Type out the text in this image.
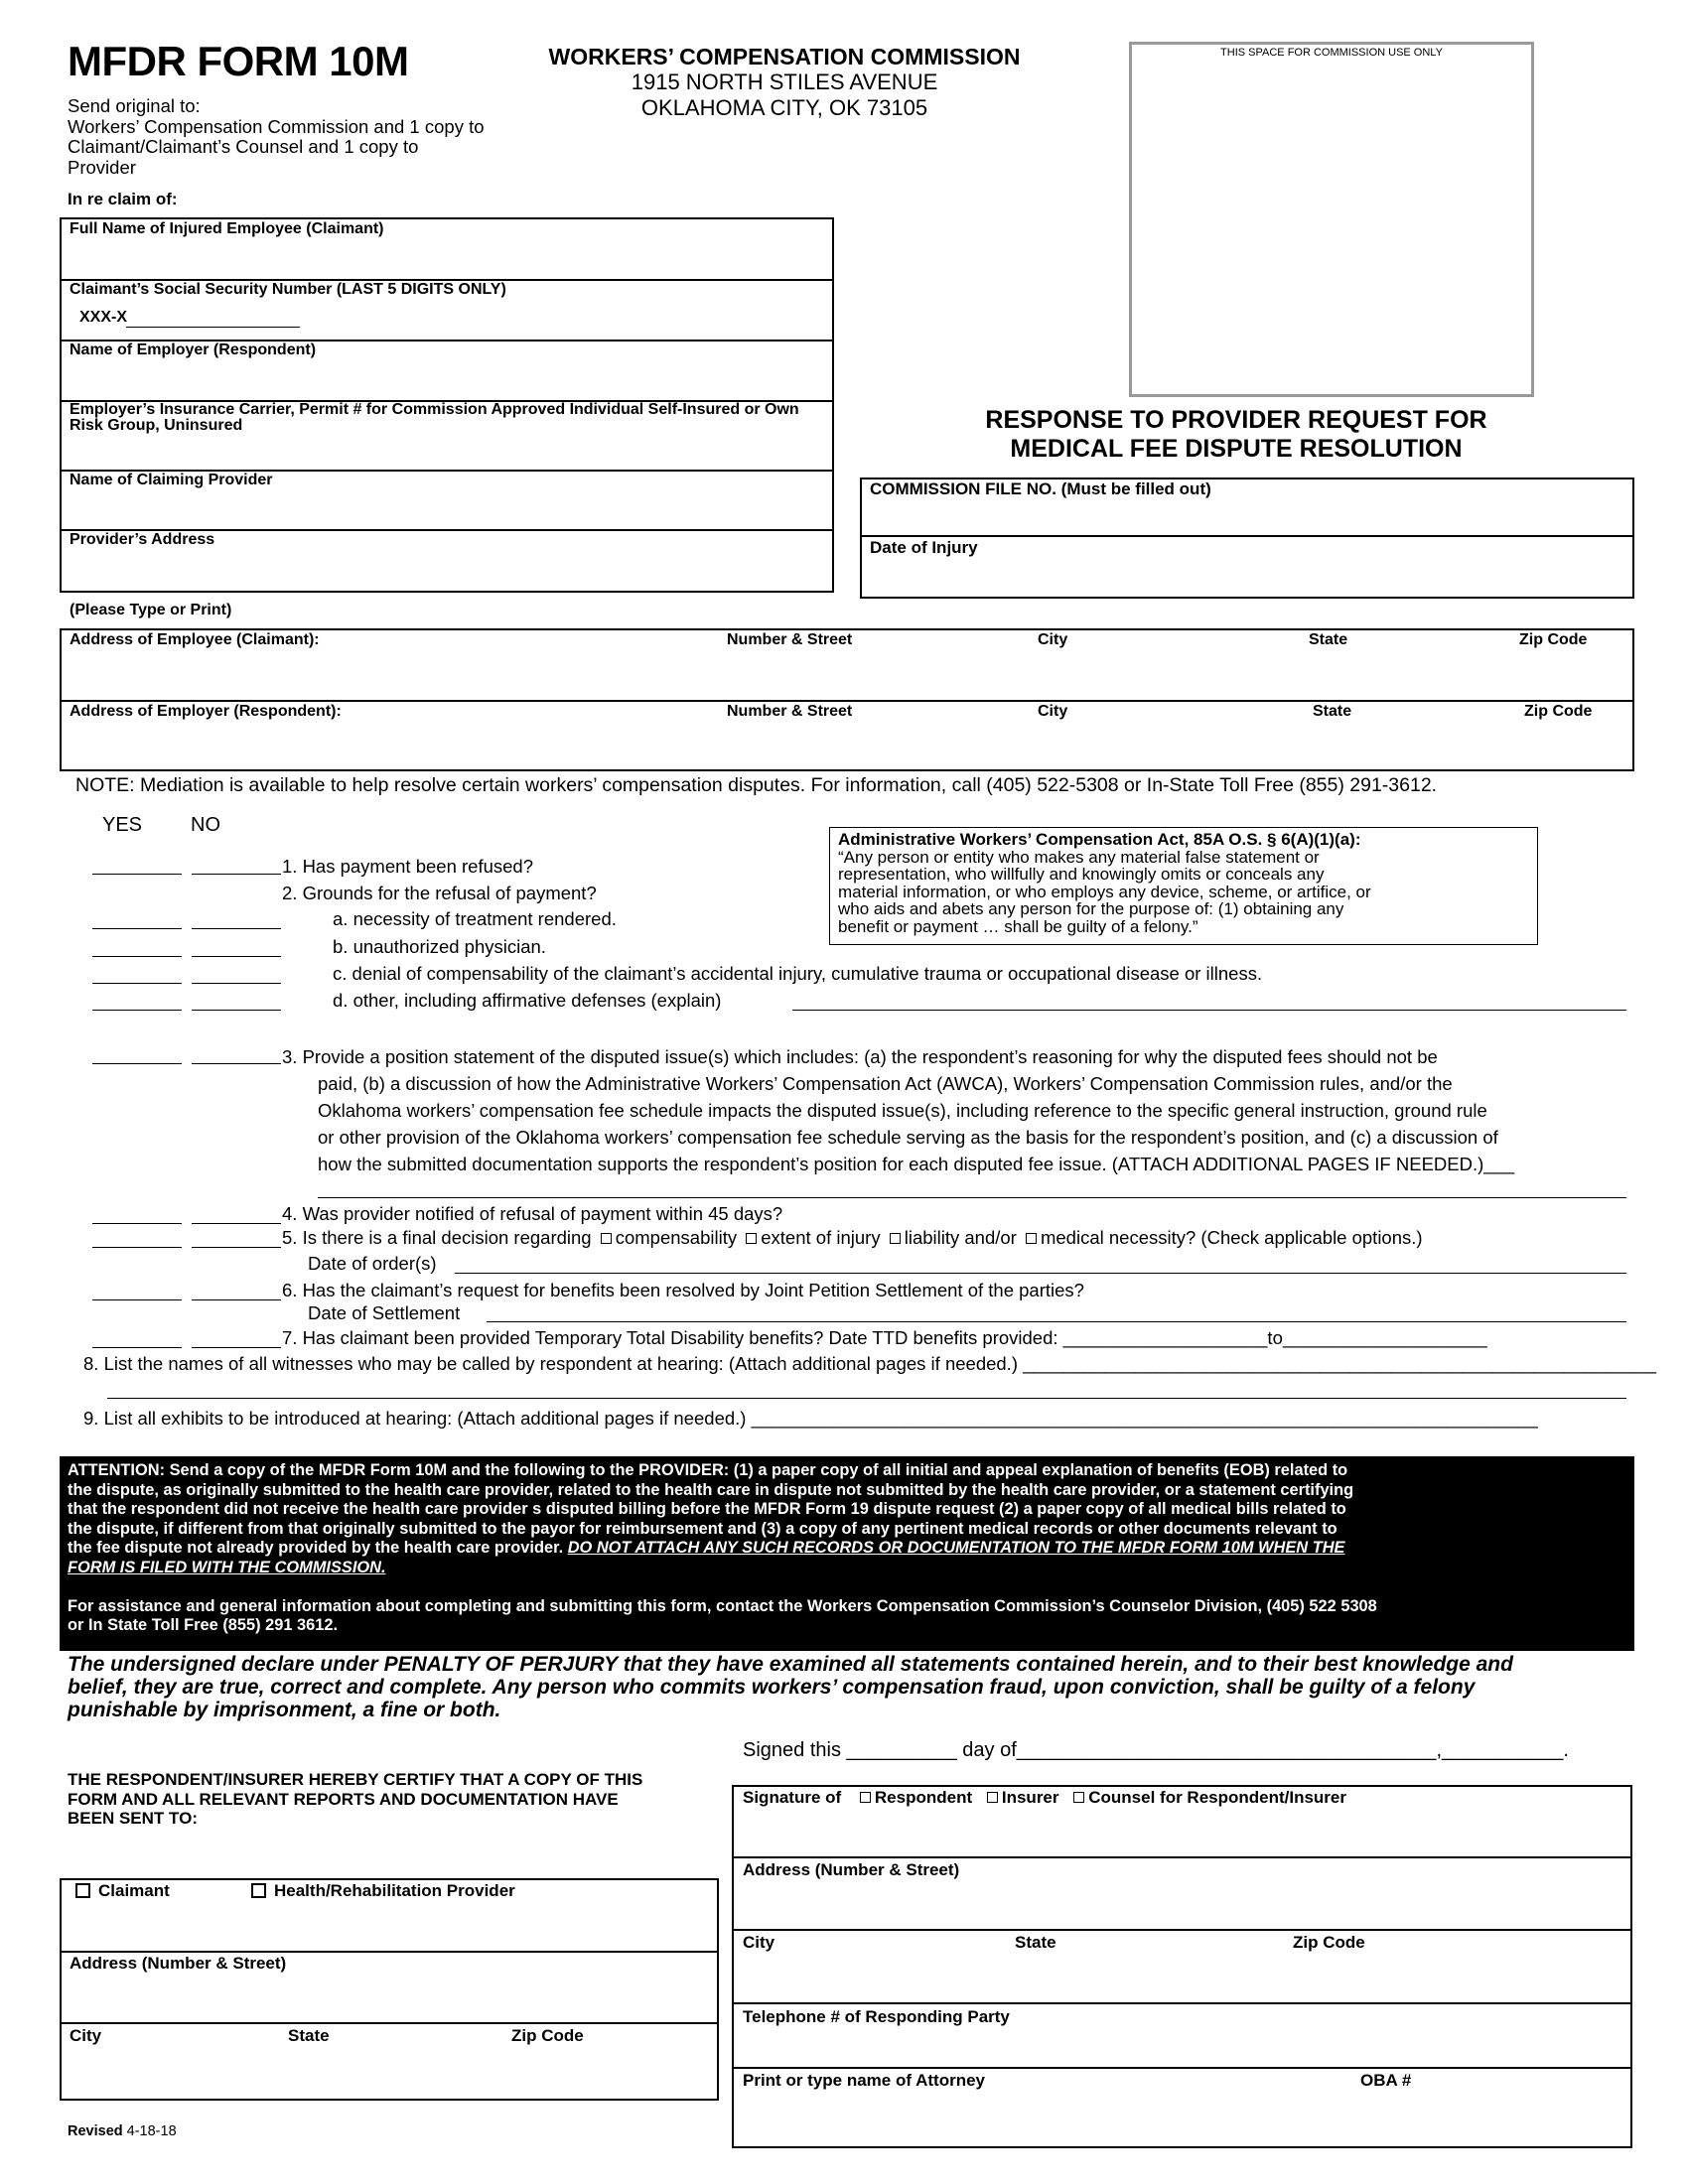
MFDR FORM 10M
Send original to:
Workers’ Compensation Commission and 1 copy to
Claimant/Claimant’s Counsel and 1 copy to
Provider
WORKERS’ COMPENSATION COMMISSION
1915 NORTH STILES AVENUE
OKLAHOMA CITY, OK 73105
THIS SPACE FOR COMMISSION USE ONLY
In re claim of:
Full Name of Injured Employee (Claimant)
Claimant’s Social Security Number (LAST 5 DIGITS ONLY)
XXX-X
Name of Employer (Respondent)
Employer’s Insurance Carrier, Permit # for Commission Approved Individual Self-Insured or Own
Risk Group, Uninsured
Name of Claiming Provider
Provider’s Address
RESPONSE TO PROVIDER REQUEST FOR
MEDICAL FEE DISPUTE RESOLUTION
COMMISSION FILE NO. (Must be filled out)
Date of Injury
(Please Type or Print)
Address of Employee (Claimant):	Number & Street	City	State	Zip Code
Address of Employer (Respondent):	Number & Street	City	State	Zip Code
NOTE: Mediation is available to help resolve certain workers’ compensation disputes. For information, call (405) 522-5308 or In-State Toll Free (855) 291-3612.
YES NO
Administrative Workers’ Compensation Act, 85A O.S. § 6(A)(1)(a):
“Any person or entity who makes any material false statement or
representation, who willfully and knowingly omits or conceals any
material information, or who employs any device, scheme, or artifice, or
who aids and abets any person for the purpose of: (1) obtaining any
benefit or payment … shall be guilty of a felony.”
1. Has payment been refused?
2. Grounds for the refusal of payment?
a. necessity of treatment rendered.
b. unauthorized physician.
c. denial of compensability of the claimant’s accidental injury, cumulative trauma or occupational disease or illness.
d. other, including affirmative defenses (explain)
3. Provide a position statement of the disputed issue(s) which includes: (a) the respondent’s reasoning for why the disputed fees should not be
paid, (b) a discussion of how the Administrative Workers’ Compensation Act (AWCA), Workers’ Compensation Commission rules, and/or the
Oklahoma workers’ compensation fee schedule impacts the disputed issue(s), including reference to the specific general instruction, ground rule
or other provision of the Oklahoma workers’ compensation fee schedule serving as the basis for the respondent’s position, and (c) a discussion of
how the submitted documentation supports the respondent’s position for each disputed fee issue. (ATTACH ADDITIONAL PAGES IF NEEDED.)___
4. Was provider notified of refusal of payment within 45 days?
5. Is there is a final decision regarding compensability extent of injury liability and/or medical necessity? (Check applicable options.)
Date of order(s)
6. Has the claimant’s request for benefits been resolved by Joint Petition Settlement of the parties?
Date of Settlement
7. Has claimant been provided Temporary Total Disability benefits? Date TTD benefits provided: ____________________to____________________
8. List the names of all witnesses who may be called by respondent at hearing: (Attach additional pages if needed.) ______________________________________________________________
9. List all exhibits to be introduced at hearing: (Attach additional pages if needed.) _____________________________________________________________________________
ATTENTION: Send a copy of the MFDR Form 10M and the following to the PROVIDER: (1) a paper copy of all initial and appeal explanation of benefits (EOB) related to
the dispute, as originally submitted to the health care provider, related to the health care in dispute not submitted by the health care provider, or a statement certifying
that the respondent did not receive the health care provider s disputed billing before the MFDR Form 19 dispute request (2) a paper copy of all medical bills related to
the dispute, if different from that originally submitted to the payor for reimbursement and (3) a copy of any pertinent medical records or other documents relevant to
the fee dispute not already provided by the health care provider. DO NOT ATTACH ANY SUCH RECORDS OR DOCUMENTATION TO THE MFDR FORM 10M WHEN THE
FORM IS FILED WITH THE COMMISSION.
For assistance and general information about completing and submitting this form, contact the Workers Compensation Commission’s Counselor Division, (405) 522 5308
or In State Toll Free (855) 291 3612.
The undersigned declare under PENALTY OF PERJURY that they have examined all statements contained herein, and to their best knowledge and
belief, they are true, correct and complete. Any person who commits workers’ compensation fraud, upon conviction, shall be guilty of a felony
punishable by imprisonment, a fine or both.
Signed this __________ day of______________________________________,___________.
THE RESPONDENT/INSURER HEREBY CERTIFY THAT A COPY OF THIS
FORM AND ALL RELEVANT REPORTS AND DOCUMENTATION HAVE
BEEN SENT TO:
Claimant	Health/Rehabilitation Provider
Address (Number & Street)
City	State	Zip Code
Signature of Respondent Insurer Counsel for Respondent/Insurer
Address (Number & Street)
City	State	Zip Code
Telephone # of Responding Party
Print or type name of Attorney	OBA #
Revised 4-18-18
